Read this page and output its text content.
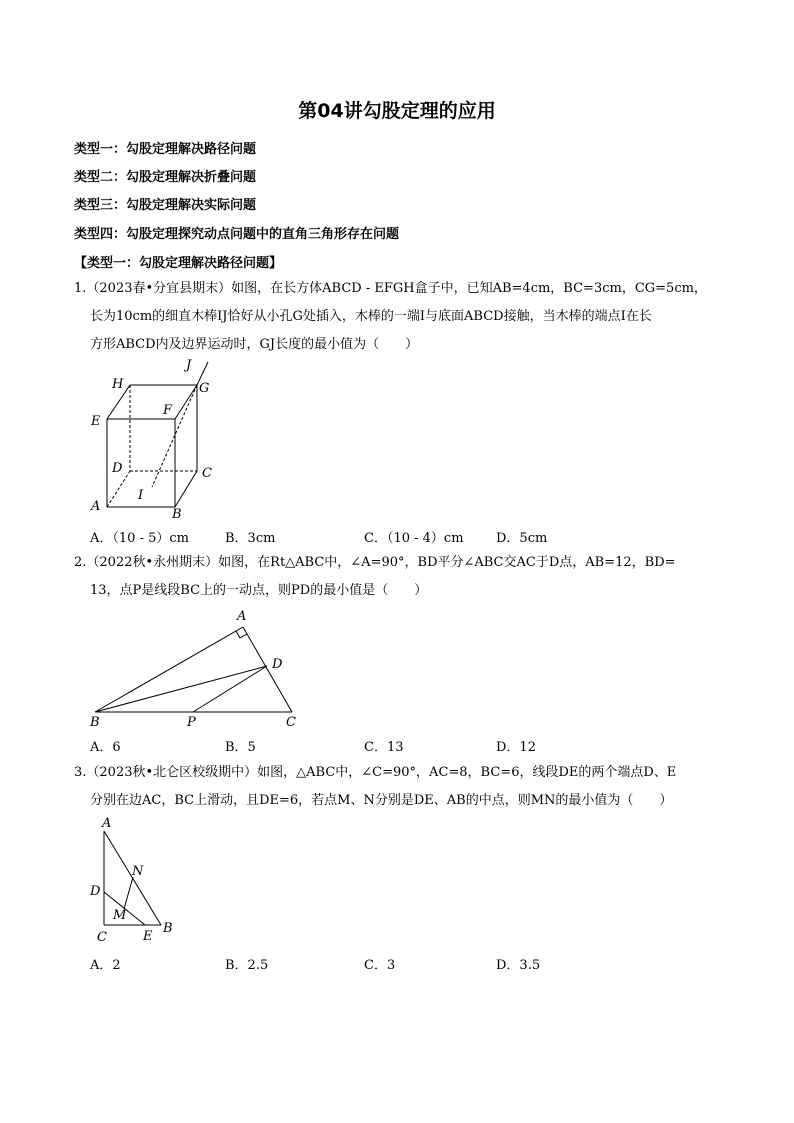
第04讲勾股定理的应用
类型一：勾股定理解决路径问题
类型二：勾股定理解决折叠问题
类型三：勾股定理解决实际问题
类型四：勾股定理探究动点问题中的直角三角形存在问题
【类型一：勾股定理解决路径问题】
1.（2023春•分宜县期末）如图，在长方体ABCD - EFGH盒子中，已知AB=4cm，BC=3cm，CG=5cm，
长为10cm的细直木棒IJ恰好从小孔G处插入，木棒的一端I与底面ABCD接触，当木棒的端点I在长
方形ABCD内及边界运动时，GJ长度的最小值为（　　）
H
J
G
F
E
D	C
A
I
B
A．（10 - 5）cm	B．3cm	C．（10 - 4）cm D．5cm
2.（2022秋•永州期末）如图，在Rt△ABC中，∠A=90°，BD平分∠ABC交AC于D点，AB=12，BD=
13，点P是线段BC上的一动点，则PD的最小值是（　　）
A
D
B	P	C
A．6	B．5	C．13	D．12
3.（2023秋•北仑区校级期中）如图，△ABC中，∠C=90°，AC=8，BC=6，线段DE的两个端点D、E
分别在边AC，BC上滑动，且DE=6，若点M、N分别是DE、AB的中点，则MN的最小值为（　　）
A
N
D
M
C	E
B
A．2	B．2.5	C．3	D．3.5
